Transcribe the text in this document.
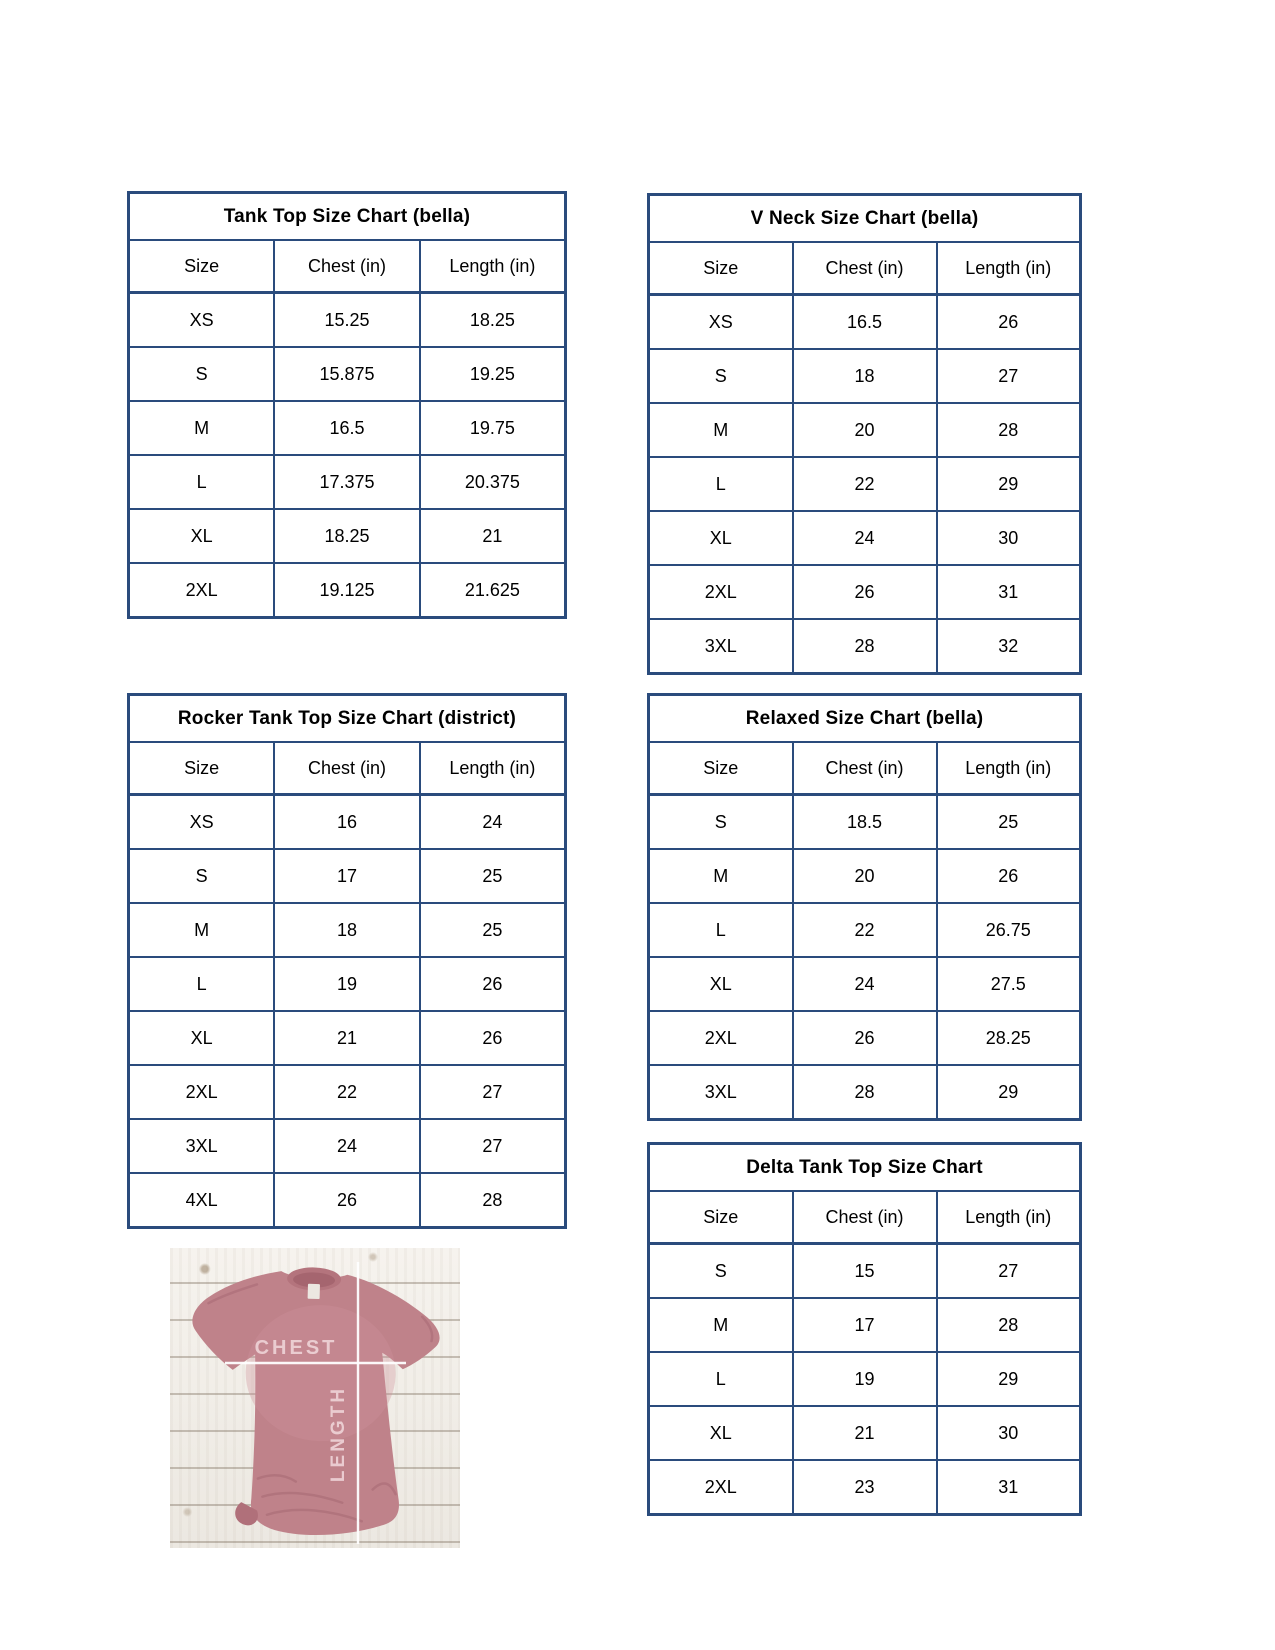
Tank Top Size Chart (bella)		
Size	Chest (in)	Length (in)
XS	15.25	18.25
S	15.875	19.25
M	16.5	19.75
L	17.375	20.375
XL	18.25	21
2XL	19.125	21.625
V Neck Size Chart (bella)		
Size	Chest (in)	Length (in)
XS	16.5	26
S	18	27
M	20	28
L	22	29
XL	24	30
2XL	26	31
3XL	28	32
Rocker Tank Top Size Chart (district)		
Size	Chest (in)	Length (in)
XS	16	24
S	17	25
M	18	25
L	19	26
XL	21	26
2XL	22	27
3XL	24	27
4XL	26	28
Relaxed Size Chart (bella)		
Size	Chest (in)	Length (in)
S	18.5	25
M	20	26
L	22	26.75
XL	24	27.5
2XL	26	28.25
3XL	28	29
Delta Tank Top Size Chart		
Size	Chest (in)	Length (in)
S	15	27
M	17	28
L	19	29
XL	21	30
2XL	23	31
CHEST
LENGTH
